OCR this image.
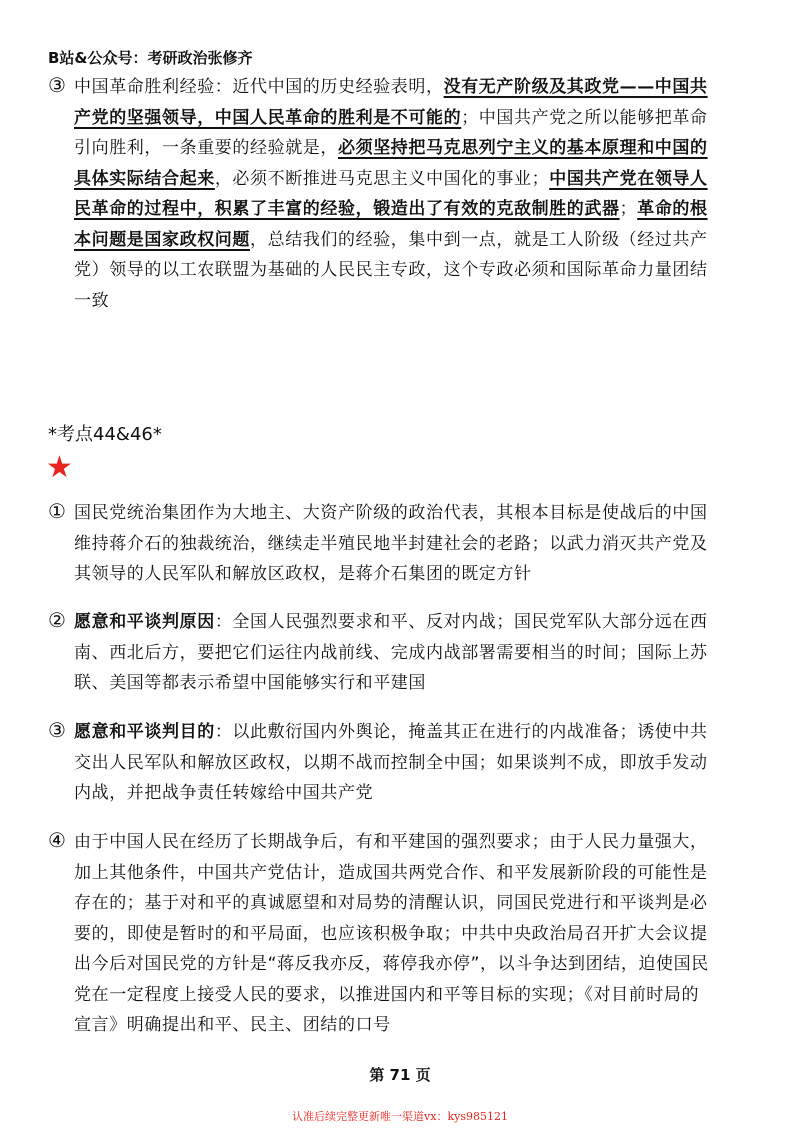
B站&公众号：考研政治张修齐
③ 中国革命胜利经验：近代中国的历史经验表明，没有无产阶级及其政党——中国共
产党的坚强领导，中国人民革命的胜利是不可能的；中国共产党之所以能够把革命
引向胜利，一条重要的经验就是，必须坚持把马克思列宁主义的基本原理和中国的
具体实际结合起来，必须不断推进马克思主义中国化的事业；中国共产党在领导人
民革命的过程中，积累了丰富的经验，锻造出了有效的克敌制胜的武器；革命的根
本问题是国家政权问题，总结我们的经验，集中到一点，就是工人阶级（经过共产
党）领导的以工农联盟为基础的人民民主专政，这个专政必须和国际革命力量团结
一致
*考点44&46*
★
① 国民党统治集团作为大地主、大资产阶级的政治代表，其根本目标是使战后的中国
维持蒋介石的独裁统治，继续走半殖民地半封建社会的老路；以武力消灭共产党及
其领导的人民军队和解放区政权，是蒋介石集团的既定方针
② 愿意和平谈判原因：全国人民强烈要求和平、反对内战；国民党军队大部分远在西
南、西北后方，要把它们运往内战前线、完成内战部署需要相当的时间；国际上苏
联、美国等都表示希望中国能够实行和平建国
③ 愿意和平谈判目的：以此敷衍国内外舆论，掩盖其正在进行的内战准备；诱使中共
交出人民军队和解放区政权，以期不战而控制全中国；如果谈判不成，即放手发动
内战，并把战争责任转嫁给中国共产党
④ 由于中国人民在经历了长期战争后，有和平建国的强烈要求；由于人民力量强大，
加上其他条件，中国共产党估计，造成国共两党合作、和平发展新阶段的可能性是
存在的；基于对和平的真诚愿望和对局势的清醒认识，同国民党进行和平谈判是必
要的，即使是暂时的和平局面，也应该积极争取；中共中央政治局召开扩大会议提
出今后对国民党的方针是“蒋反我亦反，蒋停我亦停”，以斗争达到团结，迫使国民
党在一定程度上接受人民的要求，以推进国内和平等目标的实现；《对目前时局的
宣言》明确提出和平、民主、团结的口号
第 71 页
认准后续完整更新唯一渠道vx：kys985121
